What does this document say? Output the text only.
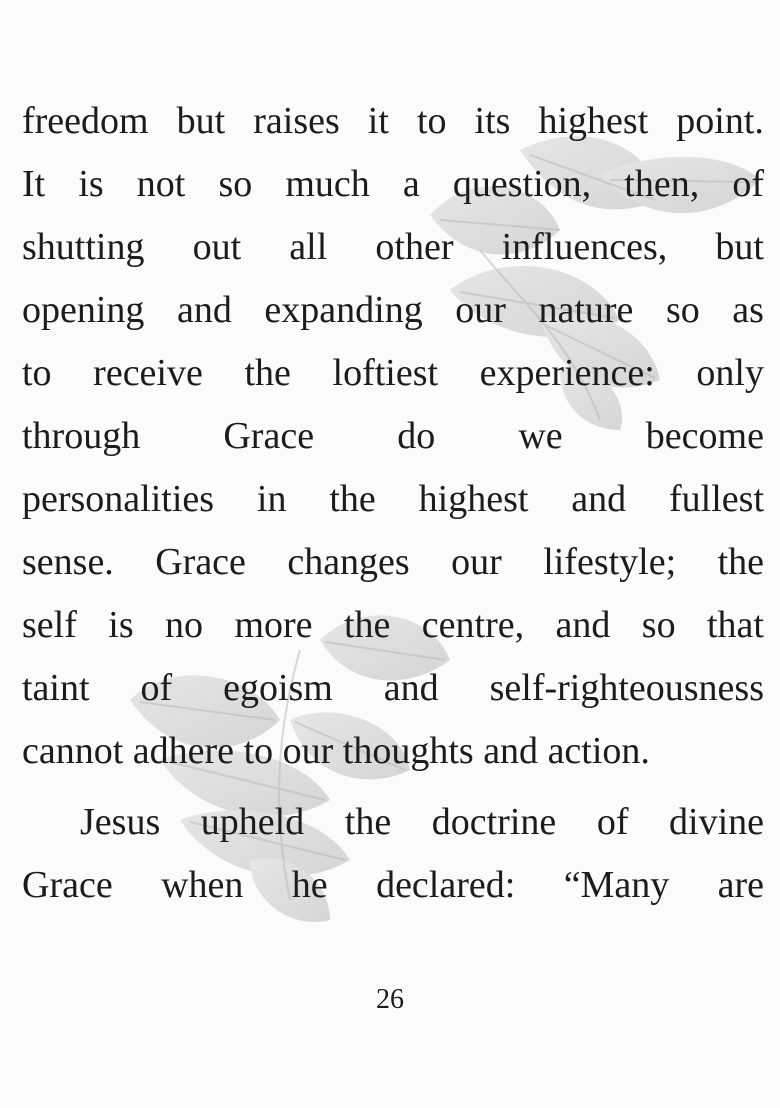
freedom but raises it to its highest point.
It is not so much a question, then, of
shutting out all other influences, but
opening and expanding our nature so as
to receive the loftiest experience: only
through Grace do we become
personalities in the highest and fullest
sense. Grace changes our lifestyle; the
self is no more the centre, and so that
taint of egoism and self-righteousness
cannot
adhere
to
our
thoughts
and
action.
Jesus upheld the doctrine of divine
Grace when he declared: “Many are
26
